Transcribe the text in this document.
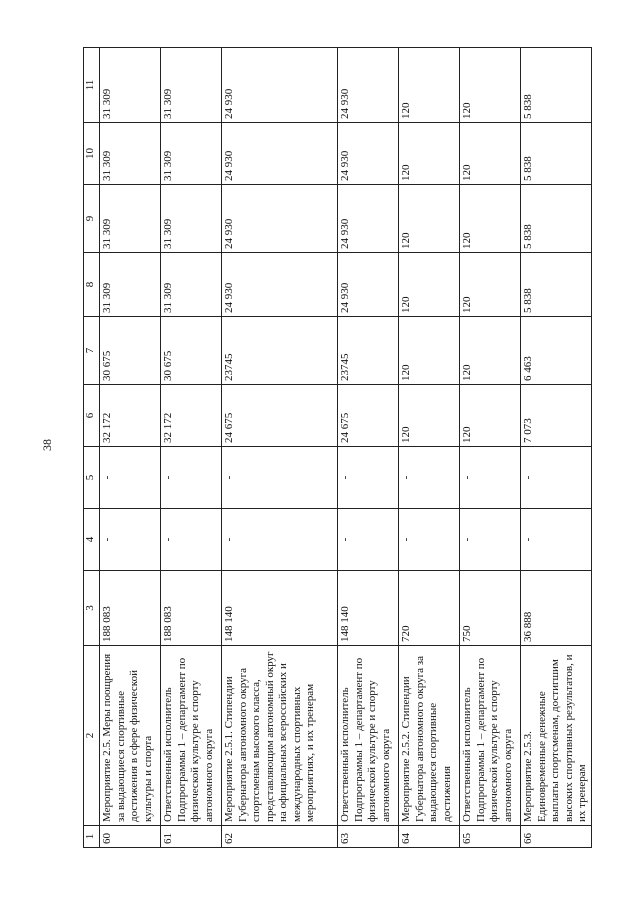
38
1	2	3	4	5	6	7	8	9	10	11
60	Мероприятие 2.5. Меры поощрения за выдающиеся спортивные достижения в сфере физической культуры и спорта	188 083	-	-	32 172	30 675	31 309	31 309	31 309	31 309
61	Ответственный исполнитель Подпрограммы 1 – департамент по физической культуре и спорту автономного округа	188 083	-	-	32 172	30 675	31 309	31 309	31 309	31 309
62	Мероприятие 2.5.1. Стипендии Губернатора автономного округа спортсменам высокого класса, представляющим автономный округ на официальных всероссийских и международных спортивных мероприятиях, и их тренерам	148 140	-	-	24 675	23745	24 930	24 930	24 930	24 930
63	Ответственный исполнитель Подпрограммы 1 – департамент по физической культуре и спорту автономного округа	148 140	-	-	24 675	23745	24 930	24 930	24 930	24 930
64	Мероприятие 2.5.2. Стипендии Губернатора автономного округа за выдающиеся спортивные достижения	720	-	-	120	120	120	120	120	120
65	Ответственный исполнитель Подпрограммы 1 – департамент по физической культуре и спорту автономного округа	750	-	-	120	120	120	120	120	120
66	Мероприятие 2.5.3. Единовременные денежные выплаты спортсменам, достигшим высоких спортивных результатов, и их тренерам	36 888	-	-	7 073	6 463	5 838	5 838	5 838	5 838
